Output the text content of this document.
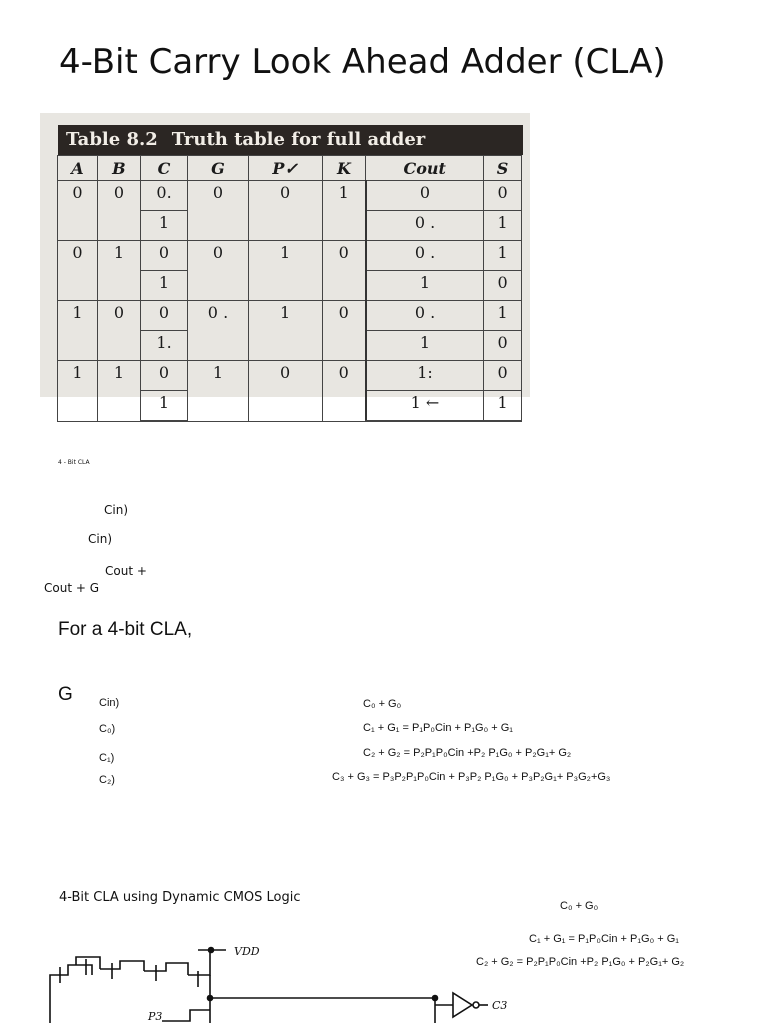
4-Bit Carry Look Ahead Adder (CLA)
Table 8.2 Truth table for full adder
A	B	C	G	P✓	K	Cout	S
0	0	0.	0	0	1	0	0
		1				0 .	1
0	1	0	0	1	0	0 .	1
		1				1	0
1	0	0	0 .	1	0	0 .	1
		1.				1	0
1	1	0	1	0	0	1:	0
		1				1 ←	1
4 - Bit CLA
Cin)
Cin)
Cout +
Cout + G
For a 4-bit CLA,
G Cin)
C₀)
C₁)
C₂)
C₀ + G₀
C₁ + G₁ = P₁P₀Cin + P₁G₀ + G₁
C₂ + G₂ = P₂P₁P₀Cin +P₂ P₁G₀ + P₂G₁+ G₂
C₃ + G₃ = P₃P₂P₁P₀Cin + P₃P₂ P₁G₀ + P₃P₂G₁+ P₃G₂+G₃
4-Bit CLA using Dynamic CMOS Logic
C₀ + G₀
C₁ + G₁ = P₁P₀Cin + P₁G₀ + G₁
C₂ + G₂ = P₂P₁P₀Cin +P₂ P₁G₀ + P₂G₁+ G₂
VDD
P3
C3
